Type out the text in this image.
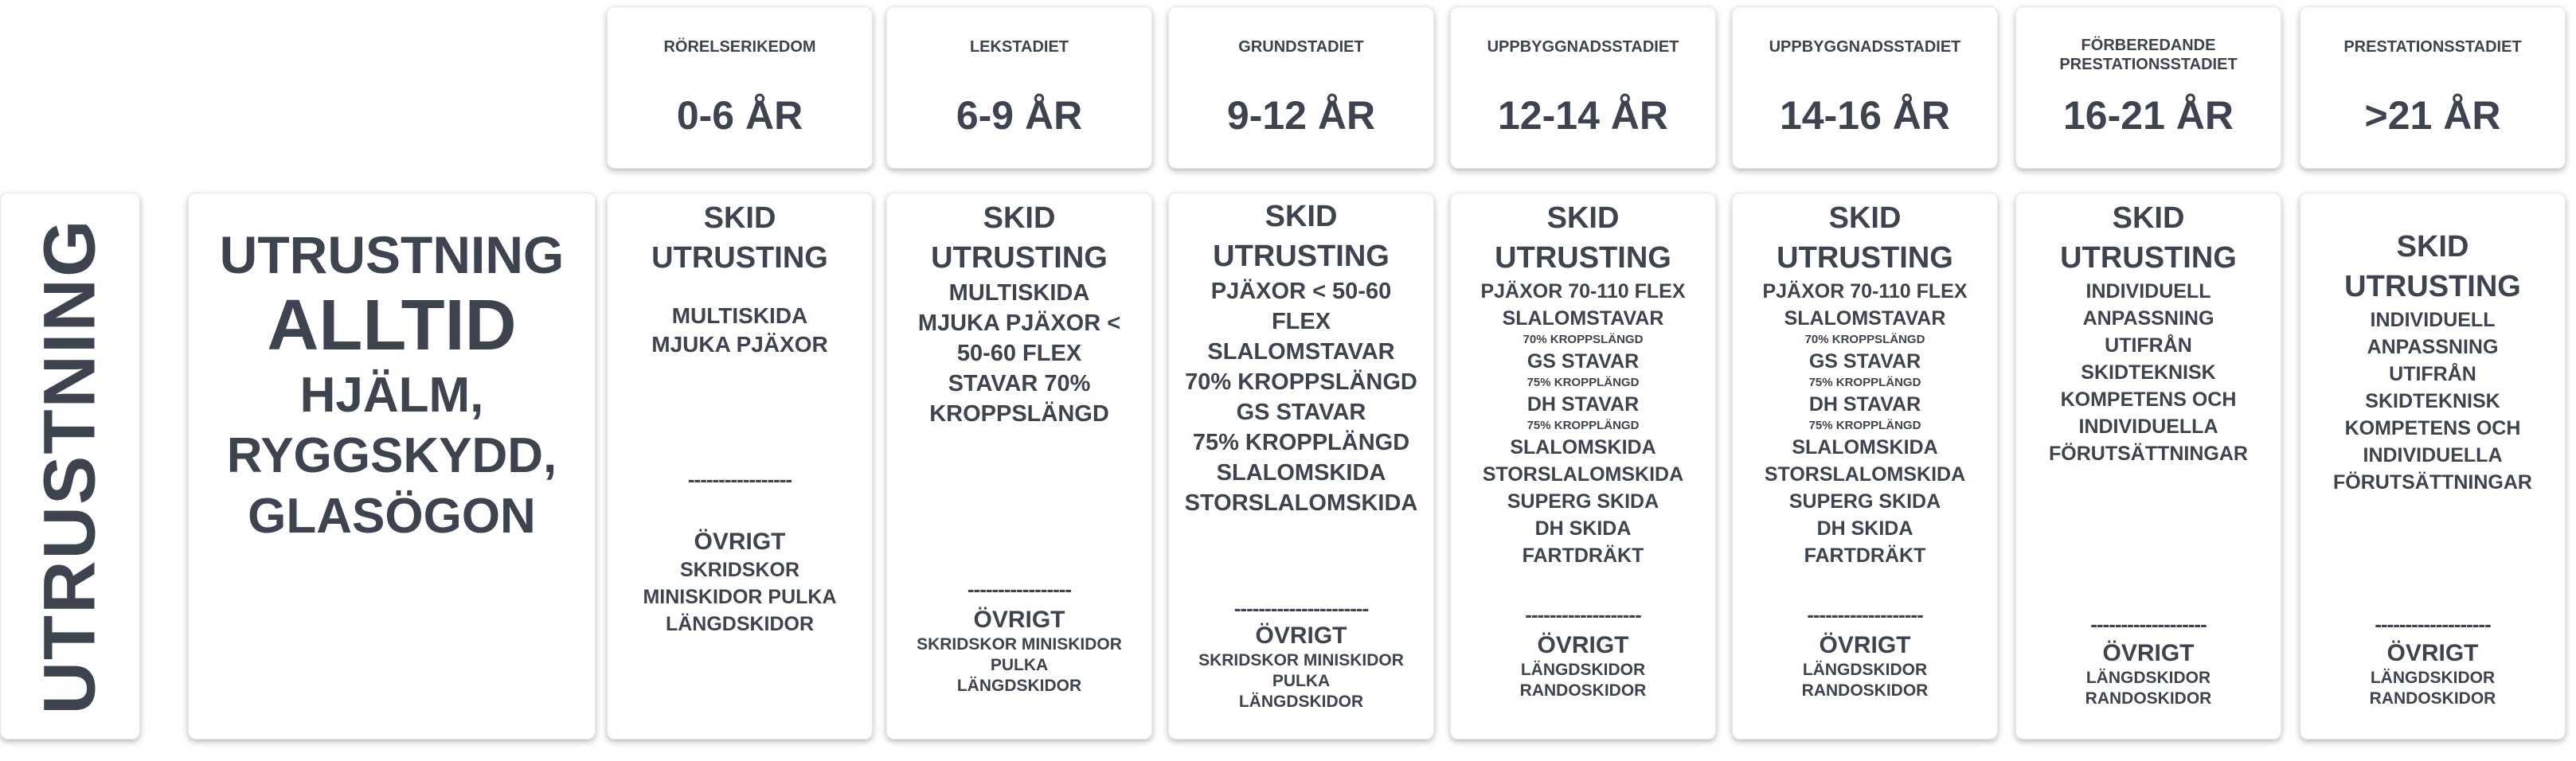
UTRUSTNING	UTRUSTNING
ALLTID
HJÄLM,
RYGGSKYDD,
GLASÖGON
RÖRELSERIKEDOM
0-6 ÅR
LEKSTADIET
6-9 ÅR
GRUNDSTADIET
9-12 ÅR
UPPBYGGNADSSTADIET
12-14 ÅR
UPPBYGGNADSSTADIET
14-16 ÅR
FÖRBEREDANDE
PRESTATIONSSTADIET
16-21 ÅR
PRESTATIONSSTADIET
>21 ÅR
SKID
UTRUSTING
MULTISKIDA
MJUKA PJÄXOR
-----------------
ÖVRIGT
SKRIDSKOR
MINISKIDOR PULKA
LÄNGDSKIDOR
SKID
UTRUSTING
MULTISKIDA
MJUKA PJÄXOR <
50-60 FLEX
STAVAR 70%
KROPPSLÄNGD
-----------------
ÖVRIGT
SKRIDSKOR MINISKIDOR
PULKA
LÄNGDSKIDOR
SKID
UTRUSTING
PJÄXOR < 50-60
FLEX
SLALOMSTAVAR
70% KROPPSLÄNGD
GS STAVAR
75% KROPPLÄNGD
SLALOMSKIDA
STORSLALOMSKIDA
----------------------
ÖVRIGT
SKRIDSKOR MINISKIDOR
PULKA
LÄNGDSKIDOR
SKID
UTRUSTING
PJÄXOR 70-110 FLEX
SLALOMSTAVAR
70% KROPPSLÄNGD
GS STAVAR
75% KROPPLÄNGD
DH STAVAR
75% KROPPLÄNGD
SLALOMSKIDA
STORSLALOMSKIDA
SUPERG SKIDA
DH SKIDA
FARTDRÄKT
-------------------
ÖVRIGT
LÄNGDSKIDOR
RANDOSKIDOR
SKID
UTRUSTING
PJÄXOR 70-110 FLEX
SLALOMSTAVAR
70% KROPPSLÄNGD
GS STAVAR
75% KROPPLÄNGD
DH STAVAR
75% KROPPLÄNGD
SLALOMSKIDA
STORSLALOMSKIDA
SUPERG SKIDA
DH SKIDA
FARTDRÄKT
-------------------
ÖVRIGT
LÄNGDSKIDOR
RANDOSKIDOR
SKID
UTRUSTING
INDIVIDUELL
ANPASSNING
UTIFRÅN
SKIDTEKNISK
KOMPETENS OCH
INDIVIDUELLA
FÖRUTSÄTTNINGAR
-------------------
ÖVRIGT
LÄNGDSKIDOR
RANDOSKIDOR
SKID
UTRUSTING
INDIVIDUELL
ANPASSNING
UTIFRÅN
SKIDTEKNISK
KOMPETENS OCH
INDIVIDUELLA
FÖRUTSÄTTNINGAR
-------------------
ÖVRIGT
LÄNGDSKIDOR
RANDOSKIDOR
